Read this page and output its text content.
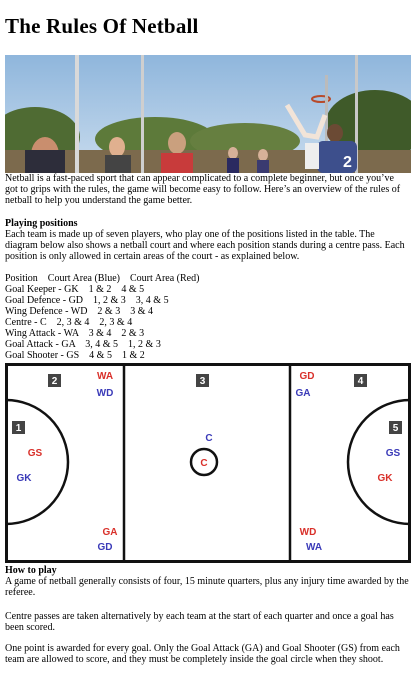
The Rules Of Netball
2
Netball is a fast-paced sport that can appear complicated to a complete beginner, but once you’ve got to grips with the rules, the game will become easy to follow. Here’s an overview of the rules of netball to help you understand the game better.
Playing positions
Each team is made up of seven players, who play one of the positions listed in the table. The diagram below also shows a netball court and where each position stands during a centre pass. Each position is only allowed in certain areas of the court - as explained below.
Position    Court Area (Blue)    Court Area (Red)
Goal Keeper - GK    1 & 2    4 & 5
Goal Defence - GD    1, 2 & 3    3, 4 & 5
Wing Defence - WD    2 & 3    3 & 4
Centre - C    2, 3 & 4    2, 3 & 4
Wing Attack - WA    3 & 4    2 & 3
Goal Attack - GA    3, 4 & 5    1, 2 & 3
Goal Shooter - GS    4 & 5    1 & 2
2	3	4
1	5
WA
WD
GS
GK
GA
GD
C
C
GD
GA
GS
GK
WD
WA
How to play
A game of netball generally consists of four, 15 minute quarters, plus any injury time awarded by the referee.
Centre passes are taken alternatively by each team at the start of each quarter and once a goal has been scored.
One point is awarded for every goal. Only the Goal Attack (GA) and Goal Shooter (GS) from each team are allowed to score, and they must be completely inside the goal circle when they shoot.
